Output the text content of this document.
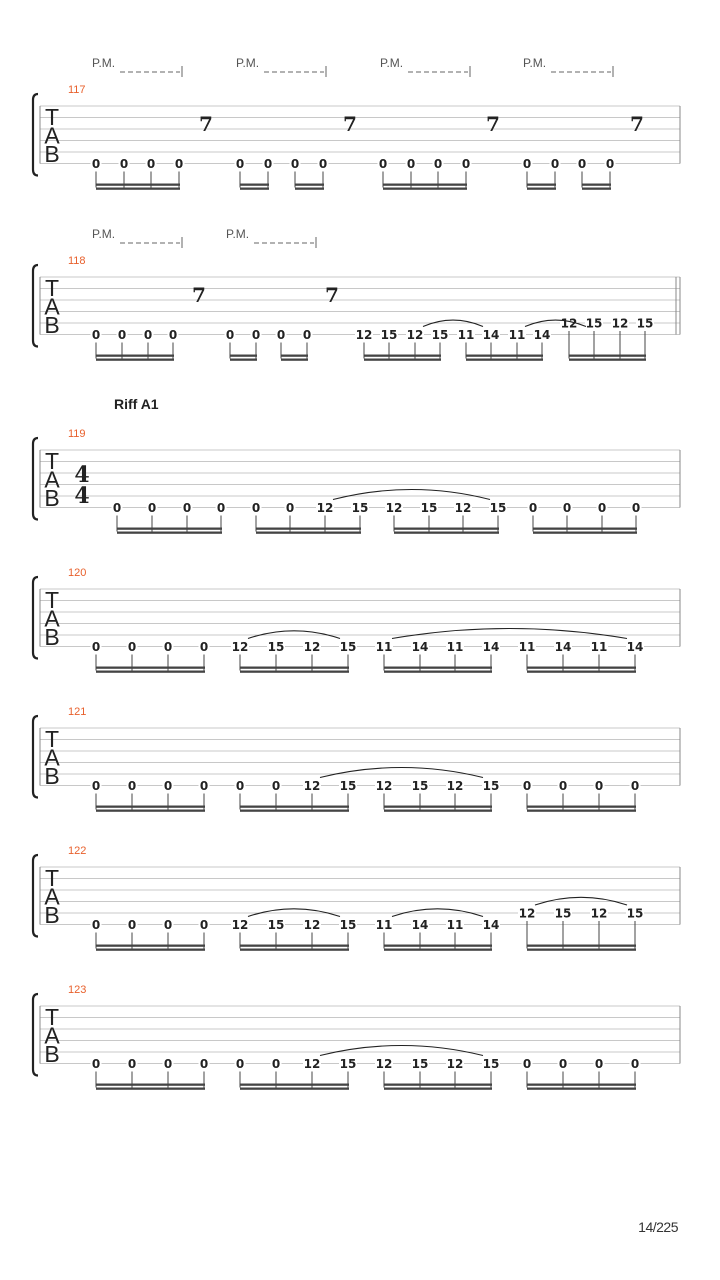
T
A
B
117
P.M.	P.M.	P.M.	P.M.
0 0 0 0
7
0 0 0 0
7
0 0 0 0
7
0 0 0 0
7
T
A
B
118
P.M.	P.M.
0 0 0 0
7
0 0 0 0
7
12 15 12 15 11 14 11 14
12 15 12 15
T
A
B
119
Riff A1
4
4 0 0 0 0 0 0 12 15 12 15 12 15 0 0 0 0
T
A
B
120
0 0 0 0 12 15 12 15 11 14 11 14 11 14 11 14
T
A
B
121
0 0 0 0 0 0 12 15 12 15 12 15 0 0 0 0
T
A
B
122
0 0 0 0 12 15 12 15 11 14 11 14
12 15 12 15
T
A
B
123
0 0 0 0 0 0 12 15 12 15 12 15 0 0 0 0
14/225
